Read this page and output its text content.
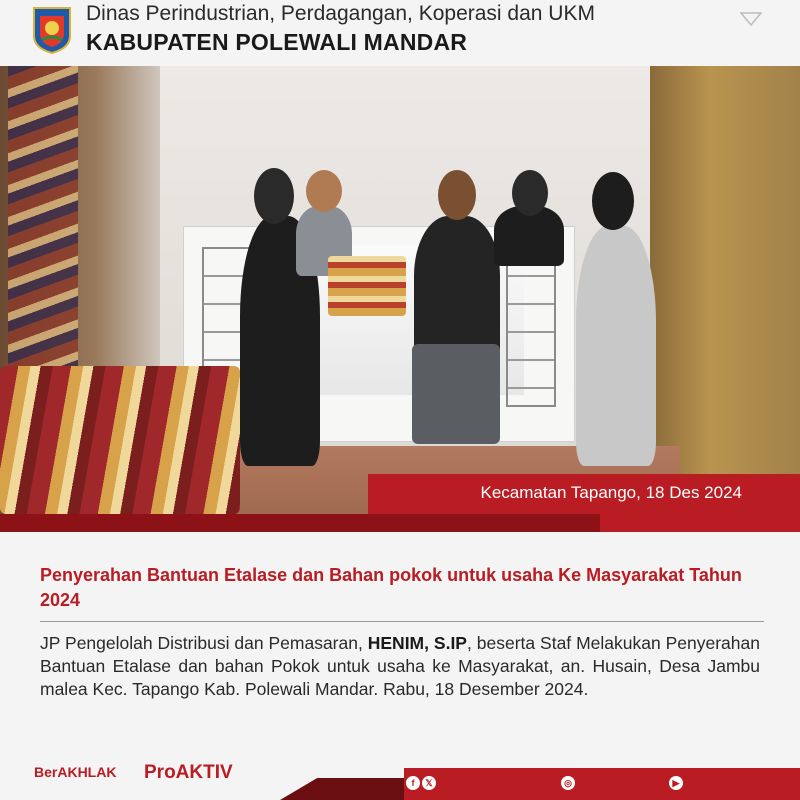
Dinas Perindustrian, Perdagangan, Koperasi dan UKM
KABUPATEN POLEWALI MANDAR
Kecamatan Tapango, 18 Des 2024
Penyerahan Bantuan Etalase dan Bahan pokok untuk usaha Ke Masyarakat Tahun 2024
JP Pengelolah Distribusi dan Pemasaran, HENIM, S.IP, beserta Staf Melakukan Penyerahan Bantuan Etalase dan bahan Pokok untuk usaha ke Masyarakat, an. Husain, Desa Jambu malea Kec. Tapango Kab. Polewali Mandar. Rabu, 18 Desember 2024.
BerAKHLAK ProAKTIV	f	𝕏	◎	▶
